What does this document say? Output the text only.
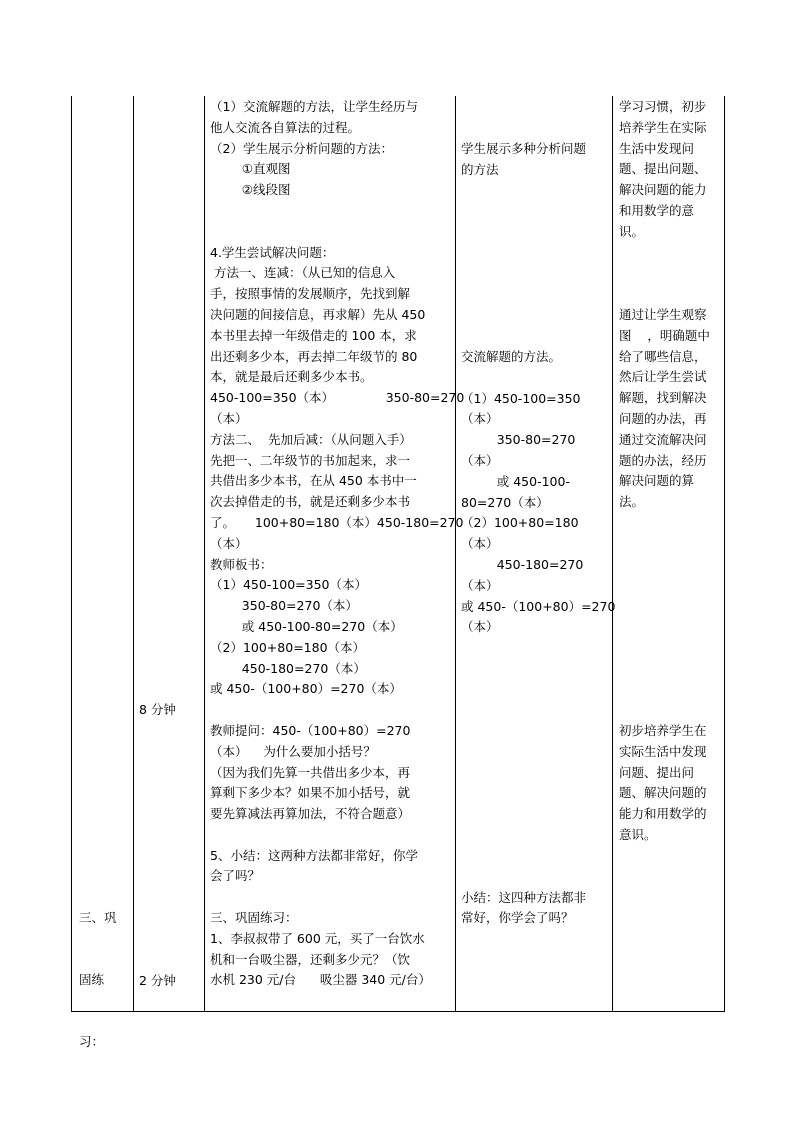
三、巩

固练

习：

8 分钟

2 分钟

（1）交流解题的方法，让学生经历与
他人交流各自算法的过程。
（2）学生展示分析问题的方法：
①直观图
②线段图
4.学生尝试解决问题：
方法一、连减：（从已知的信息入
手，按照事情的发展顺序，先找到解
决问题的间接信息，再求解）先从 450
本书里去掉一年级借走的 100 本，求
出还剩多少本，再去掉二年级节的 80
本，就是最后还剩多少本书。
450-100=350（本）             350-80=270
（本）
方法二、  先加后减：（从问题入手）
先把一、二年级节的书加起来，求一
共借出多少本书，在从 450 本书中一
次去掉借走的书，就是还剩多少本书
了。     100+80=180（本）450-180=270
（本）
教师板书：
（1）450-100=350（本）
350-80=270（本）
或 450-100-80=270（本）
（2）100+80=180（本）
450-180=270（本）
或 450-（100+80）=270（本）
教师提问：450-（100+80）=270
（本）    为什么要加小括号？
（因为我们先算一共借出多少本，再
算剩下多少本？如果不加小括号，就
要先算减法再算加法，不符合题意）
5、小结：这两种方法都非常好，你学
会了吗？
三、巩固练习：
1、李叔叔带了 600 元，买了一台饮水
机和一台吸尘器，还剩多少元？（饮
水机 230 元/台      吸尘器 340 元/台）
学生展示多种分析问题
的方法
交流解题的方法。
（1）450-100=350
（本）
350-80=270
（本）
或 450-100-
80=270（本）
（2）100+80=180
（本）
450-180=270
（本）
或 450-（100+80）=270
（本）
小结：这四种方法都非
常好，你学会了吗？
学习习惯，初步
培养学生在实际
生活中发现问
题、提出问题、
解决问题的能力
和用数学的意
识。
通过让学生观察
图    ，明确题中
给了哪些信息，
然后让学生尝试
解题，找到解决
问题的办法，再
通过交流解决问
题的办法，经历
解决问题的算
法。
初步培养学生在
实际生活中发现
问题、提出问
题、解决问题的
能力和用数学的
意识。
